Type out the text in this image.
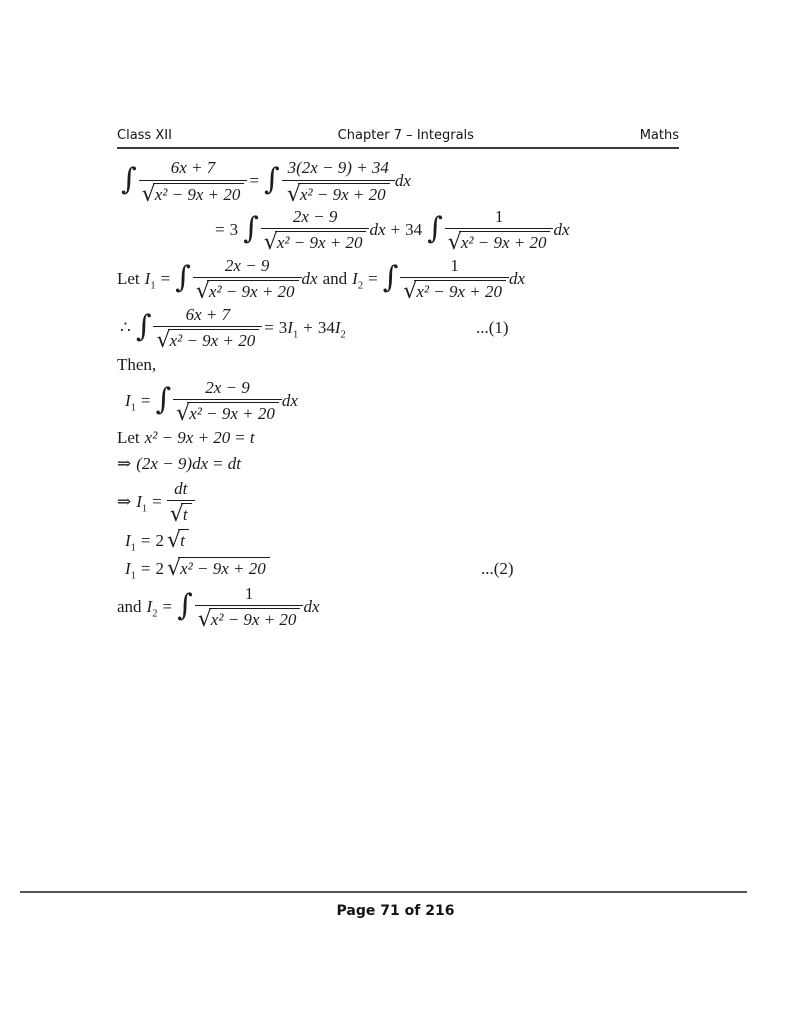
Class XII	Chapter 7 – Integrals	Maths
∫ $\frac{6x + 7}{\text{√ x² − 9x + 20}}$ = ∫ $\frac{3(2x - 9) + 34}{\text{√ x² − 9x + 20}}$ dx
= 3 ∫ $\frac{2x - 9}{\text{√ x² − 9x + 20}}$ dx + 34 ∫ $\frac{1}{\text{√ x² − 9x + 20}}$ dx
Let $I_1$ = ∫ $\frac{2x - 9}{\text{√ x² − 9x + 20}}$ dx and $I_2$ = ∫ $\frac{1}{\text{√ x² − 9x + 20}}$ dx
∴ ∫ $\frac{6x + 7}{\text{√ x² − 9x + 20}} = 3I_1 + 34I_2$	...(1)
Then,
$I_1$ = ∫ $\frac{2x - 9}{\text{√ x² − 9x + 20}}$ dx
Let x² − 9x + 20 = t
⇒ (2x − 9)dx = dt
⇒ $I_1 = \frac{dt}{√ t}$
$I_1 = 2$ √ t
$I_1 = 2$ √ x² − 9x + 20	...(2)
and $I_2$ = ∫ $\frac{1}{\text{√ x² − 9x + 20}}$ dx
Page 71 of 216
